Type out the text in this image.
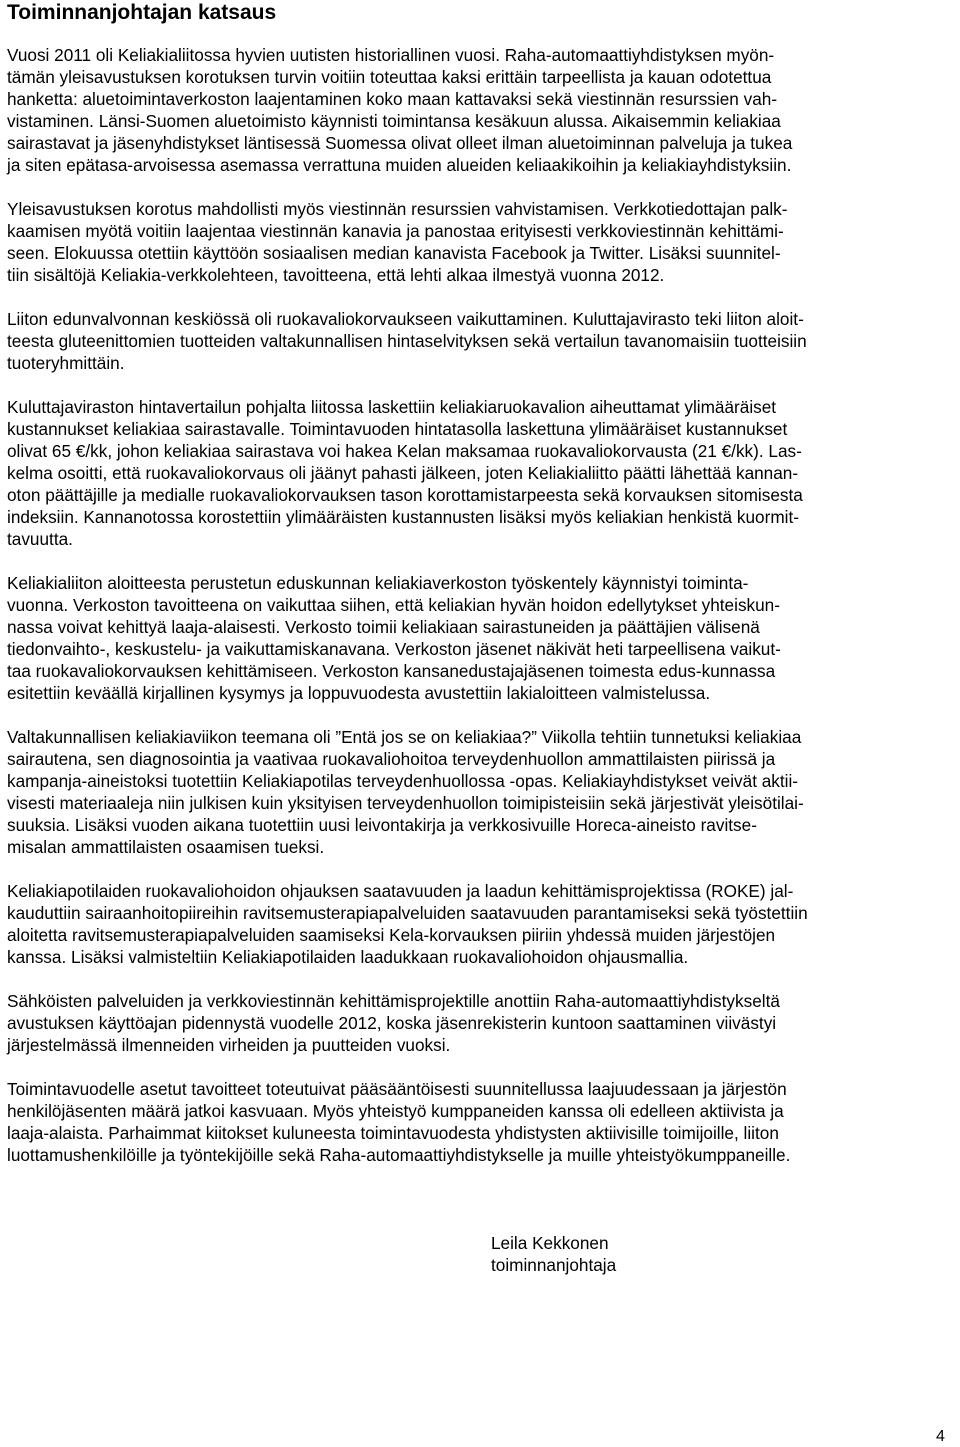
Toiminnanjohtajan katsaus

Vuosi 2011 oli Keliakialiitossa hyvien uutisten historiallinen vuosi. Raha-automaattiyhdistyksen myön-

tämän yleisavustuksen korotuksen turvin voitiin toteuttaa kaksi erittäin tarpeellista ja kauan odotettua

hanketta: aluetoimintaverkoston laajentaminen koko maan kattavaksi sekä viestinnän resurssien vah-

vistaminen. Länsi-Suomen aluetoimisto käynnisti toimintansa kesäkuun alussa. Aikaisemmin keliakiaa

sairastavat ja jäsenyhdistykset läntisessä Suomessa olivat olleet ilman aluetoiminnan palveluja ja tukea

ja siten epätasa-arvoisessa asemassa verrattuna muiden alueiden keliaakikoihin ja keliakiayhdistyksiin.

Yleisavustuksen korotus mahdollisti myös viestinnän resurssien vahvistamisen. Verkkotiedottajan palk-

kaamisen myötä voitiin laajentaa viestinnän kanavia ja panostaa erityisesti verkkoviestinnän kehittämi-

seen. Elokuussa otettiin käyttöön sosiaalisen median kanavista Facebook ja Twitter. Lisäksi suunnitel-

tiin sisältöjä Keliakia-verkkolehteen, tavoitteena, että lehti alkaa ilmestyä vuonna 2012.

Liiton edunvalvonnan keskiössä oli ruokavaliokorvaukseen vaikuttaminen. Kuluttajavirasto teki liiton aloit-

teesta gluteenittomien tuotteiden valtakunnallisen hintaselvityksen sekä vertailun tavanomaisiin tuotteisiin

tuoteryhmittäin.

Kuluttajaviraston hintavertailun pohjalta liitossa laskettiin keliakiaruokavalion aiheuttamat ylimääräiset

kustannukset keliakiaa sairastavalle. Toimintavuoden hintatasolla laskettuna ylimääräiset kustannukset

olivat 65 €/kk, johon keliakiaa sairastava voi hakea Kelan maksamaa ruokavaliokorvausta (21 €/kk). Las-

kelma osoitti, että ruokavaliokorvaus oli jäänyt pahasti jälkeen, joten Keliakialiitto päätti lähettää kannan-

oton päättäjille ja medialle ruokavaliokorvauksen tason korottamistarpeesta sekä korvauksen sitomisesta

indeksiin. Kannanotossa korostettiin ylimääräisten kustannusten lisäksi myös keliakian henkistä kuormit-

tavuutta.

Keliakialiiton aloitteesta perustetun eduskunnan keliakiaverkoston työskentely käynnistyi toiminta-

vuonna. Verkoston tavoitteena on vaikuttaa siihen, että keliakian hyvän hoidon edellytykset yhteiskun-

nassa voivat kehittyä laaja-alaisesti. Verkosto toimii keliakiaan sairastuneiden ja päättäjien välisenä

tiedonvaihto-, keskustelu- ja vaikuttamiskanavana. Verkoston jäsenet näkivät heti tarpeellisena vaikut-

taa ruokavaliokorvauksen kehittämiseen. Verkoston kansanedustajajäsenen toimesta edus-kunnassa

esitettiin keväällä kirjallinen kysymys ja loppuvuodesta avustettiin lakialoitteen valmistelussa.

Valtakunnallisen keliakiaviikon teemana oli ”Entä jos se on keliakiaa?” Viikolla tehtiin tunnetuksi keliakiaa

sairautena, sen diagnosointia ja vaativaa ruokavaliohoitoa terveydenhuollon ammattilaisten piirissä ja

kampanja-aineistoksi tuotettiin Keliakiapotilas terveydenhuollossa -opas. Keliakiayhdistykset veivät aktii-

visesti materiaaleja niin julkisen kuin yksityisen terveydenhuollon toimipisteisiin sekä järjestivät yleisötilai-

suuksia. Lisäksi vuoden aikana tuotettiin uusi leivontakirja ja verkkosivuille Horeca-aineisto ravitse-

misalan ammattilaisten osaamisen tueksi.

Keliakiapotilaiden ruokavaliohoidon ohjauksen saatavuuden ja laadun kehittämisprojektissa (ROKE) jal-

kauduttiin sairaanhoitopiireihin ravitsemusterapiapalveluiden saatavuuden parantamiseksi sekä työstettiin

aloitetta ravitsemusterapiapalveluiden saamiseksi Kela-korvauksen piiriin yhdessä muiden järjestöjen

kanssa. Lisäksi valmisteltiin Keliakiapotilaiden laadukkaan ruokavaliohoidon ohjausmallia.

Sähköisten palveluiden ja verkkoviestinnän kehittämisprojektille anottiin Raha-automaattiyhdistykseltä

avustuksen käyttöajan pidennystä vuodelle 2012, koska jäsenrekisterin kuntoon saattaminen viivästyi

järjestelmässä ilmenneiden virheiden ja puutteiden vuoksi.

Toimintavuodelle asetut tavoitteet toteutuivat pääsääntöisesti suunnitellussa laajuudessaan ja järjestön

henkilöjäsenten määrä jatkoi kasvuaan. Myös yhteistyö kumppaneiden kanssa oli edelleen aktiivista ja

laaja-alaista. Parhaimmat kiitokset kuluneesta toimintavuodesta yhdistysten aktiivisille toimijoille, liiton

luottamushenkilöille ja työntekijöille sekä Raha-automaattiyhdistykselle ja muille yhteistyökumppaneille.

Leila Kekkonen

toiminnanjohtaja

4
